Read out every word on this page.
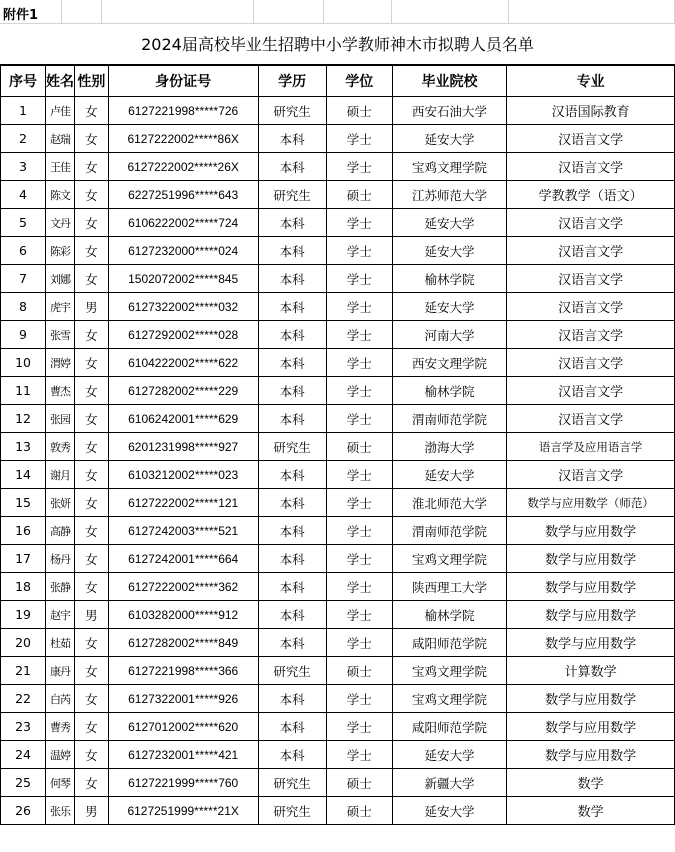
附件1
2024届高校毕业生招聘中小学教师神木市拟聘人员名单
序号	姓名	性别	身份证号	学历	学位	毕业院校	专业
1	卢佳	女	6127221998*****726	研究生	硕士	西安石油大学	汉语国际教育
2	赵瑞	女	6127222002*****86X	本科	学士	延安大学	汉语言文学
3	王佳	女	6127222002*****26X	本科	学士	宝鸡文理学院	汉语言文学
4	陈文	女	6227251996*****643	研究生	硕士	江苏师范大学	学教教学（语文）
5	文丹	女	6106222002*****724	本科	学士	延安大学	汉语言文学
6	陈彩	女	6127232000*****024	本科	学士	延安大学	汉语言文学
7	刘娜	女	1502072002*****845	本科	学士	榆林学院	汉语言文学
8	虎宇	男	6127322002*****032	本科	学士	延安大学	汉语言文学
9	张雪	女	6127292002*****028	本科	学士	河南大学	汉语言文学
10	渭婷	女	6104222002*****622	本科	学士	西安文理学院	汉语言文学
11	曹杰	女	6127282002*****229	本科	学士	榆林学院	汉语言文学
12	张园	女	6106242001*****629	本科	学士	渭南师范学院	汉语言文学
13	敦秀	女	6201231998*****927	研究生	硕士	渤海大学	语言学及应用语言学
14	谢月	女	6103212002*****023	本科	学士	延安大学	汉语言文学
15	张妍	女	6127222002*****121	本科	学士	淮北师范大学	数学与应用数学（师范）
16	高静	女	6127242003*****521	本科	学士	渭南师范学院	数学与应用数学
17	杨丹	女	6127242001*****664	本科	学士	宝鸡文理学院	数学与应用数学
18	张静	女	6127222002*****362	本科	学士	陕西理工大学	数学与应用数学
19	赵宇	男	6103282000*****912	本科	学士	榆林学院	数学与应用数学
20	杜茹	女	6127282002*****849	本科	学士	咸阳师范学院	数学与应用数学
21	康丹	女	6127221998*****366	研究生	硕士	宝鸡文理学院	计算数学
22	白芮	女	6127322001*****926	本科	学士	宝鸡文理学院	数学与应用数学
23	曹秀	女	6127012002*****620	本科	学士	咸阳师范学院	数学与应用数学
24	温婷	女	6127232001*****421	本科	学士	延安大学	数学与应用数学
25	何琴	女	6127221999*****760	研究生	硕士	新疆大学	数学
26	张乐	男	6127251999*****21X	研究生	硕士	延安大学	数学
